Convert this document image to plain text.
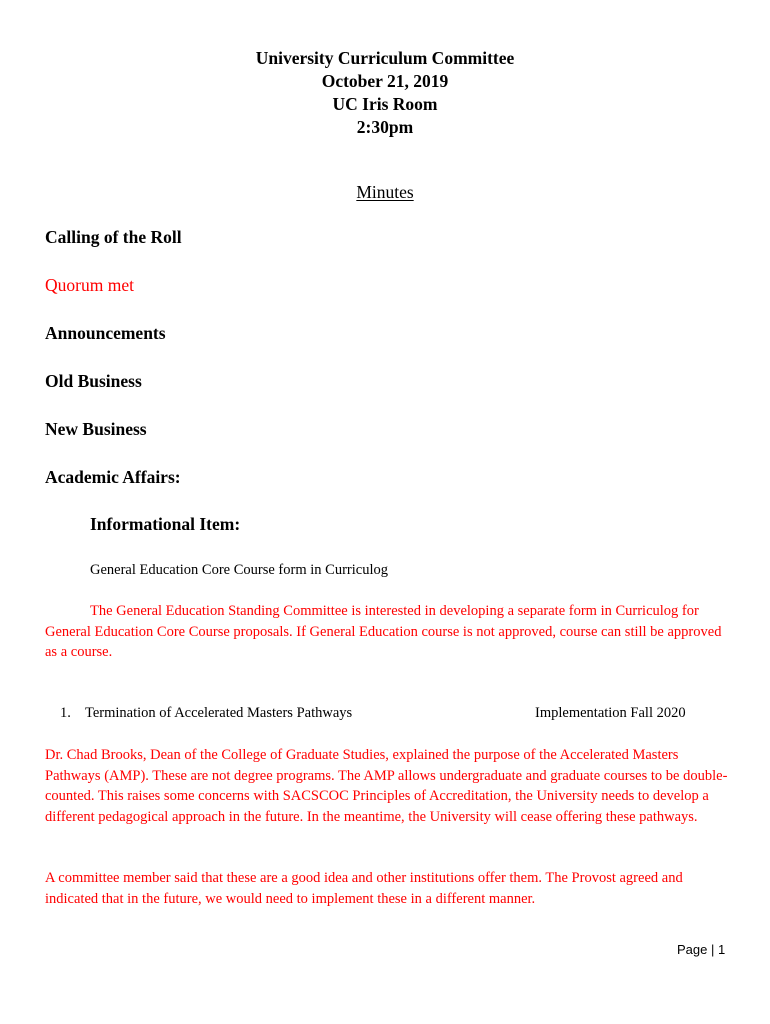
University Curriculum Committee
October 21, 2019
UC Iris Room
2:30pm
Minutes
Calling of the Roll
Quorum met
Announcements
Old Business
New Business
Academic Affairs:
Informational Item:
General Education Core Course form in Curriculog
The General Education Standing Committee is interested in developing a separate form in Curriculog for General Education Core Course proposals. If General Education course is not approved, course can still be approved as a course.
1. Termination of Accelerated Masters Pathways	Implementation Fall 2020
Dr. Chad Brooks, Dean of the College of Graduate Studies, explained the purpose of the Accelerated Masters Pathways (AMP). These are not degree programs. The AMP allows undergraduate and graduate courses to be double-counted. This raises some concerns with SACSCOC Principles of Accreditation, the University needs to develop a different pedagogical approach in the future. In the meantime, the University will cease offering these pathways.
A committee member said that these are a good idea and other institutions offer them. The Provost agreed and indicated that in the future, we would need to implement these in a different manner.
Page | 1
